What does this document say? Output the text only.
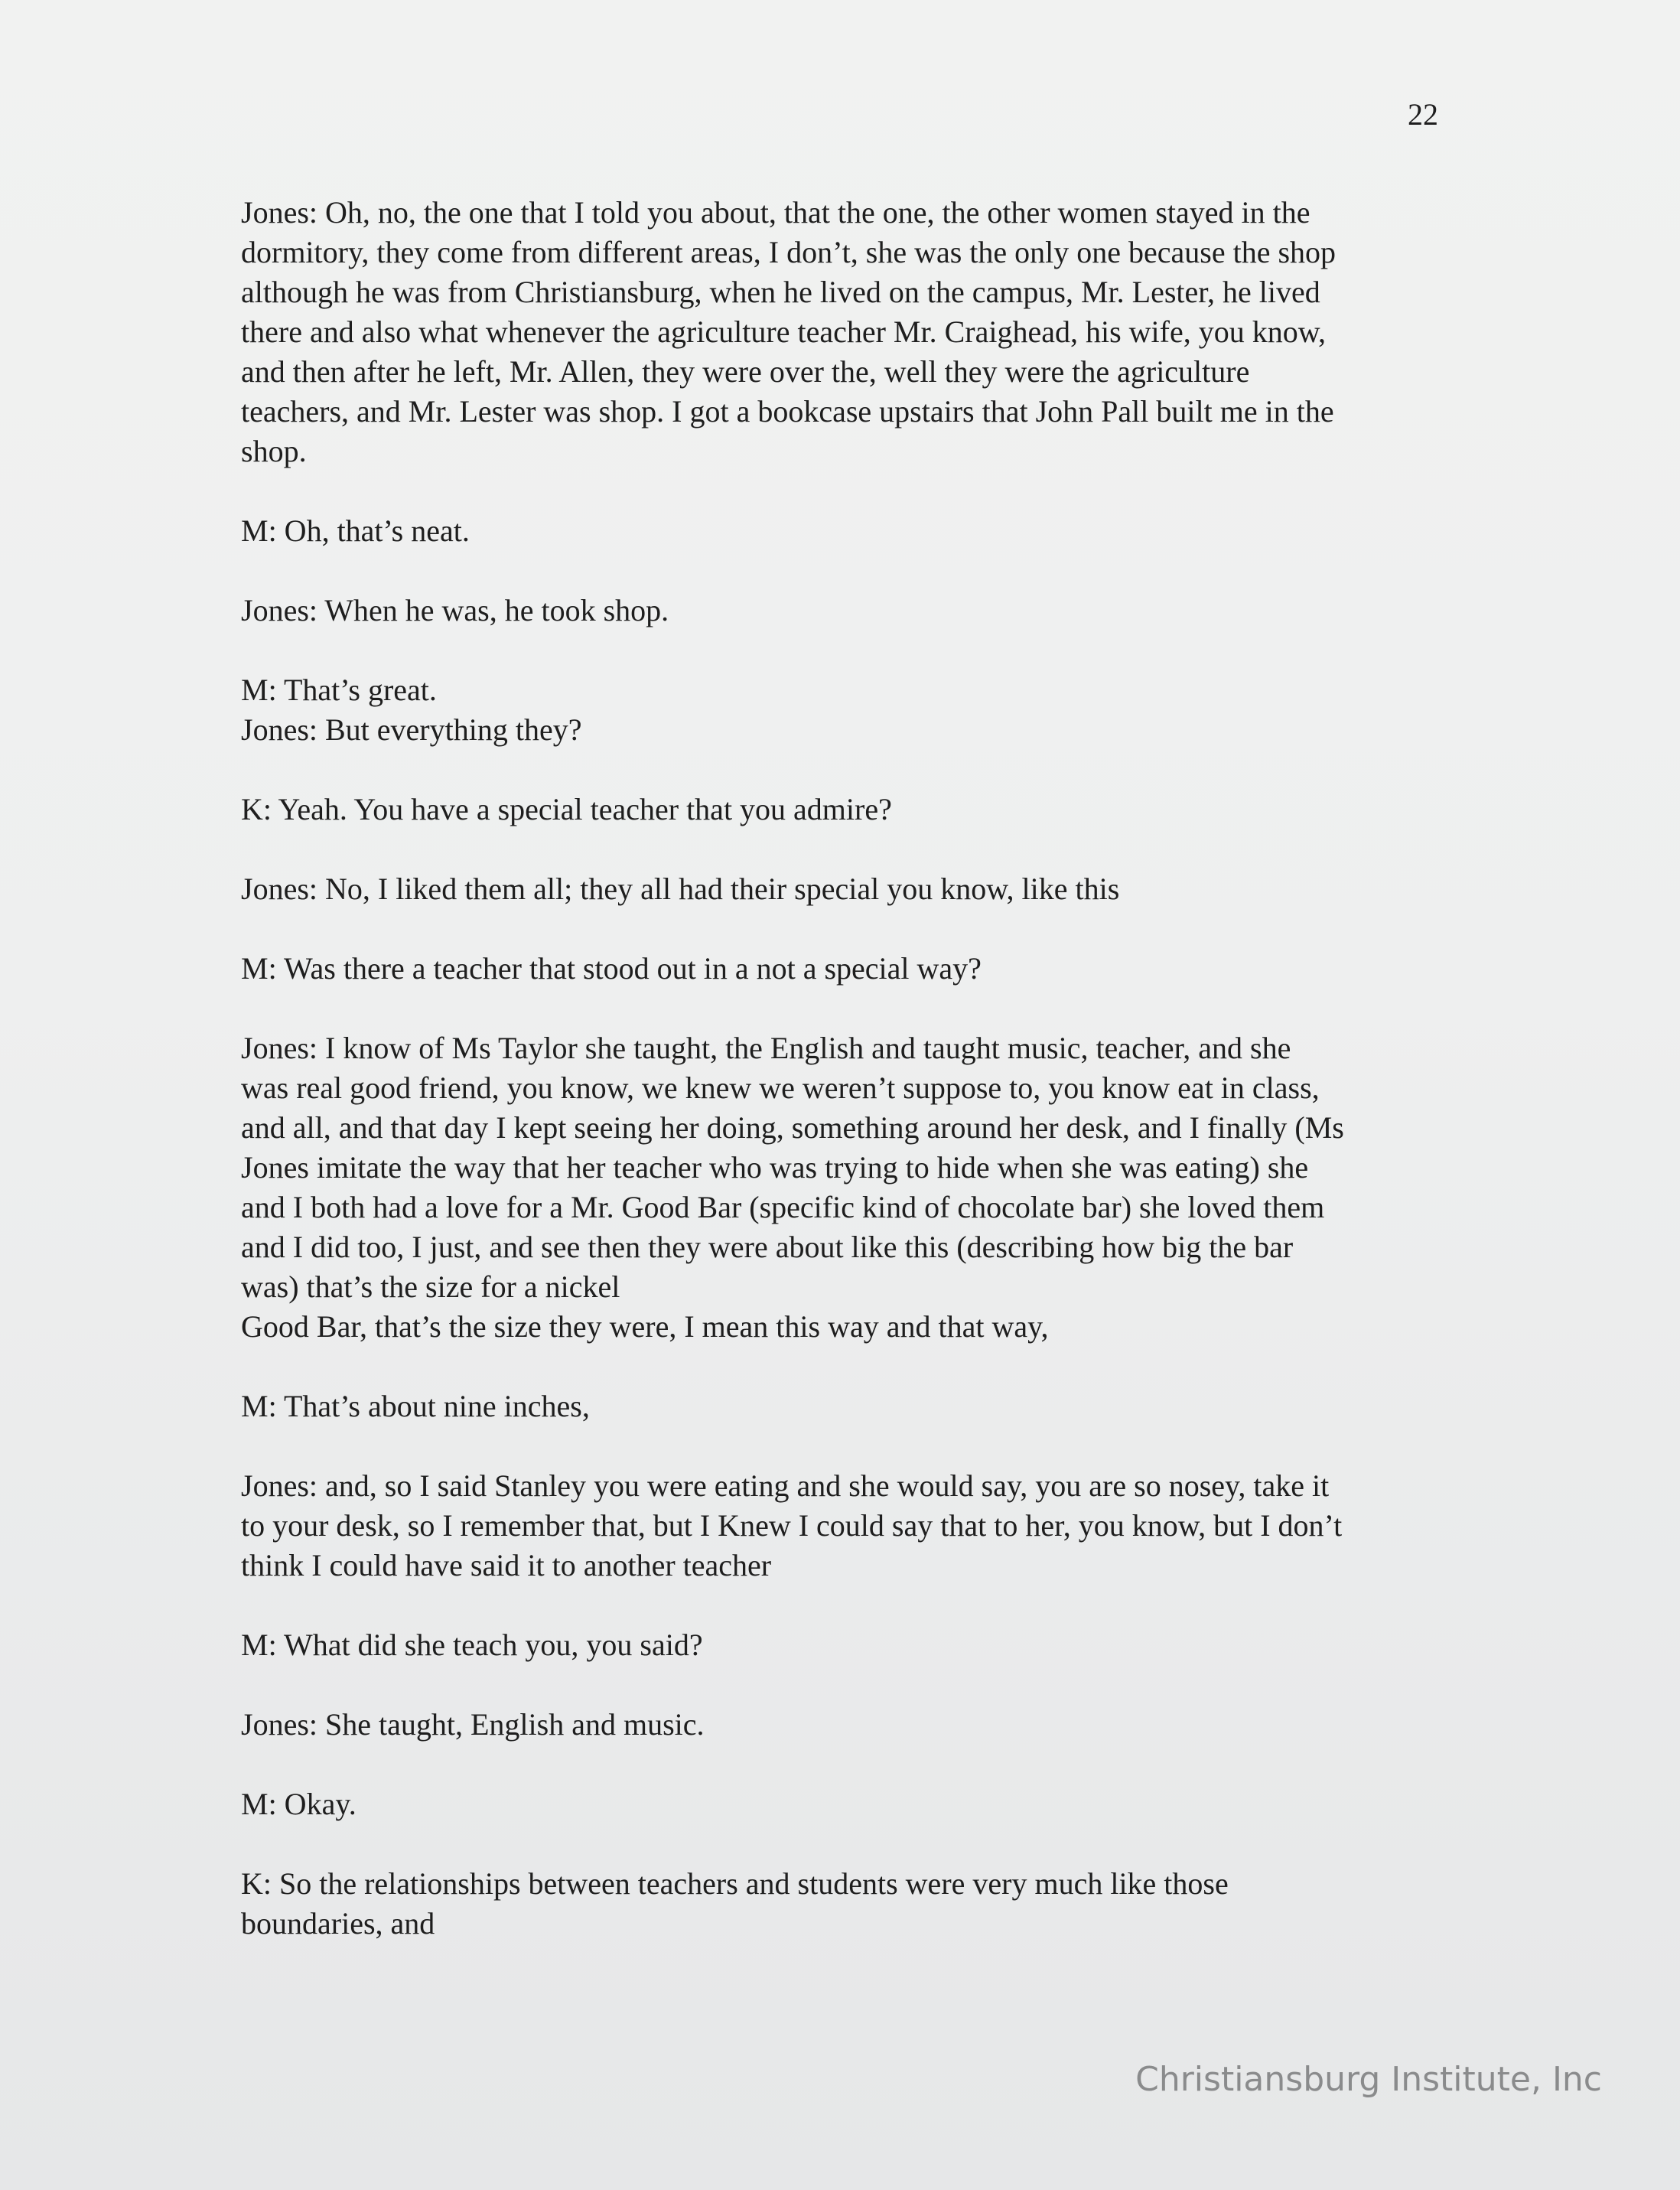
22
Jones: Oh, no, the one that I told you about, that the one, the other women stayed in the
dormitory, they come from different areas, I don’t, she was the only one because the shop
although he was from Christiansburg, when he lived on the campus, Mr. Lester, he lived
there and also what whenever the agriculture teacher Mr. Craighead, his wife, you know,
and then after he left, Mr. Allen, they were over the, well they were the agriculture
teachers, and Mr. Lester was shop. I got a bookcase upstairs that John Pall built me in the
shop.
M: Oh, that’s neat.
Jones: When he was, he took shop.
M: That’s great.
Jones: But everything they?
K: Yeah. You have a special teacher that you admire?
Jones: No, I liked them all; they all had their special you know, like this
M: Was there a teacher that stood out in a not a special way?
Jones: I know of Ms Taylor she taught, the English and taught music, teacher, and she
was real good friend, you know, we knew we weren’t suppose to, you know eat in class,
and all, and that day I kept seeing her doing, something around her desk, and I finally (Ms
Jones imitate the way that her teacher who was trying to hide when she was eating) she
and I both had a love for a Mr. Good Bar (specific kind of chocolate bar) she loved them
and I did too, I just, and see then they were about like this (describing how big the bar
was) that’s the size for a nickel
Good Bar, that’s the size they were, I mean this way and that way,
M: That’s about nine inches,
Jones: and, so I said Stanley you were eating and she would say, you are so nosey, take it
to your desk, so I remember that, but I Knew I could say that to her, you know, but I don’t
think I could have said it to another teacher
M: What did she teach you, you said?
Jones: She taught, English and music.
M: Okay.
K: So the relationships between teachers and students were very much like those
boundaries, and
Christiansburg Institute, Inc
